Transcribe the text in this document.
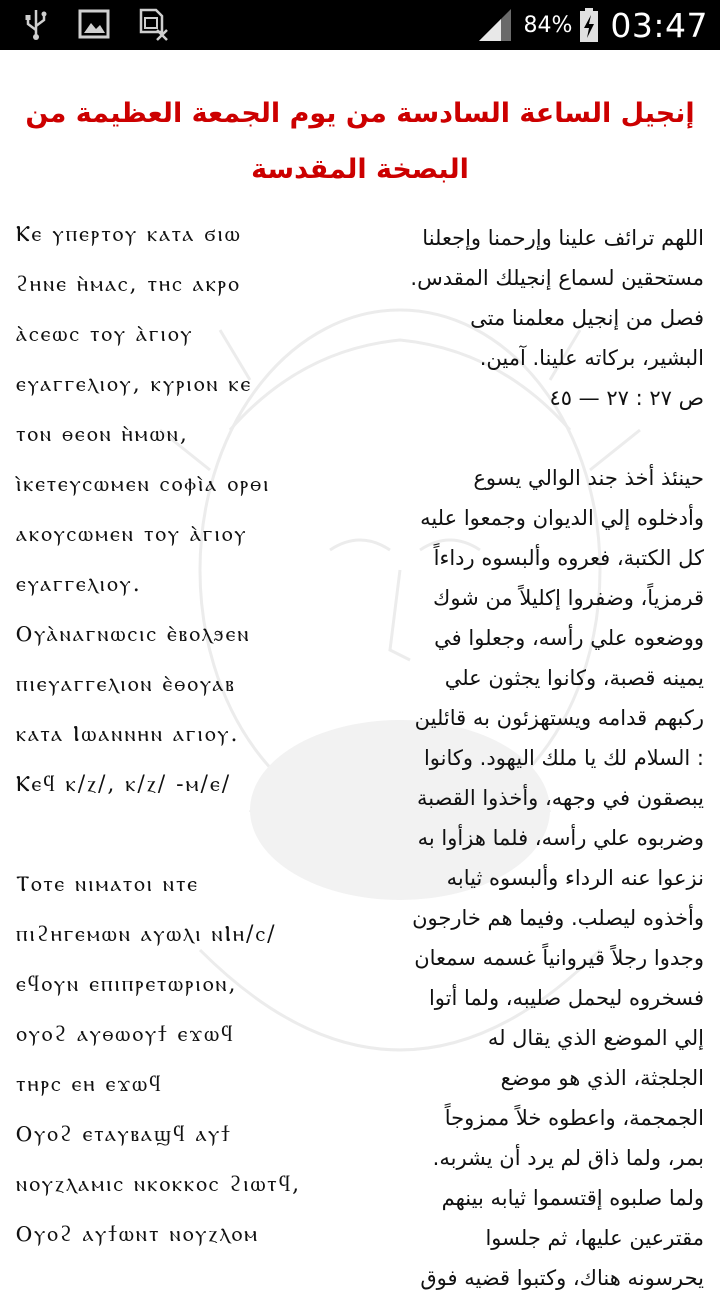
84% 03:47
إنجيل الساعة السادسة من يوم الجمعة العظيمة من البصخة المقدسة

Ⲕⲉ ⲩⲡⲉⲣⲧⲟⲩ ⲕⲁⲧⲁ ϭⲓⲱ

ϩⲏⲛⲉ ⲏ̀ⲙⲁⲥ, ⲧⲏⲥ ⲁⲕⲣⲟ

ⲁ̀ⲥⲉⲱⲥ ⲧⲟⲩ ⲁ̀ⲅⲓⲟⲩ

ⲉⲩⲁⲅⲅⲉⲗⲓⲟⲩ, ⲕⲩⲣⲓⲟⲛ ⲕⲉ

ⲧⲟⲛ ⲑⲉⲟⲛ ⲏ̀ⲙⲱⲛ,

ⲓ̀ⲕⲉⲧⲉⲩⲥⲱⲙⲉⲛ ⲥⲟⲫⲓ̀ⲁ ⲟⲣⲑⲓ

ⲁⲕⲟⲩⲥⲱⲙⲉⲛ ⲧⲟⲩ ⲁ̀ⲅⲓⲟⲩ

ⲉⲩⲁⲅⲅⲉⲗⲓⲟⲩ.

Ⲟⲩⲁ̀ⲛⲁⲅⲛⲱⲥⲓⲥ ⲉ̀ⲃⲟⲗϧⲉⲛ

ⲡⲓⲉⲩⲁⲅⲅⲉⲗⲓⲟⲛ ⲉ̀ⲑⲟⲩⲁⲃ

ⲕⲁⲧⲁ Ⲓⲱⲁⲛⲛⲏⲛ ⲁⲅⲓⲟⲩ.

Ⲕⲉϥ ⲕ/ⲍ/, ⲕ/ⲍ/ -ⲙ/ⲉ/

Ⲧⲟⲧⲉ ⲛⲓⲙⲁⲧⲟⲓ ⲛⲧⲉ

ⲡⲓϩⲏⲅⲉⲙⲱⲛ ⲁⲩⲱⲗⲓ ⲛⲒⲏ/ⲥ/

ⲉϥⲟⲩⲛ ⲉⲡⲓⲡⲣⲉⲧⲱⲣⲓⲟⲛ,

ⲟⲩⲟϩ ⲁⲩⲑⲱⲟⲩϯ ⲉϫⲱϥ

ⲧⲏⲣⲥ ⲉⲏ ⲉϫⲱϥ

Ⲟⲩⲟϩ ⲉⲧⲁⲩⲃⲁϣϥ ⲁⲩϯ

ⲛⲟⲩⲍⲗⲁⲙⲓⲥ ⲛⲕⲟⲕⲕⲟⲥ ϩⲓⲱⲧϥ,

Ⲟⲩⲟϩ ⲁⲩϯⲱⲛⲧ ⲛⲟⲩⲍⲗⲟⲙ

اللهم ترائف علينا وإرحمنا وإجعلنا

مستحقين لسماع إنجيلك المقدس.

فصل من إنجيل معلمنا متى

البشير، بركاته علينا. آمين.

ص ٢٧ : ٢٧ — ٤٥

حينئذ أخذ جند الوالي يسوع

وأدخلوه إلي الديوان وجمعوا عليه

كل الكتبة، فعروه وألبسوه رداءاً

قرمزياً، وضفروا إكليلاً من شوك

ووضعوه علي رأسه، وجعلوا في

يمينه قصبة، وكانوا يجثون علي

ركبهم قدامه ويستهزئون به قائلين

: السلام لك يا ملك اليهود. وكانوا

يبصقون في وجهه، وأخذوا القصبة

وضربوه علي رأسه، فلما هزأوا به

نزعوا عنه الرداء وألبسوه ثيابه

وأخذوه ليصلب. وفيما هم خارجون

وجدوا رجلاً قيروانياً غسمه سمعان

فسخروه ليحمل صليبه، ولما أتوا

إلي الموضع الذي يقال له

الجلجثة، الذي هو موضع

الجمجمة، واعطوه خلاً ممزوجاً

بمر، ولما ذاق لم يرد أن يشربه.

ولما صلبوه إقتسموا ثيابه بينهم

مقترعين عليها، ثم جلسوا

يحرسونه هناك، وكتبوا قضيه فوق
